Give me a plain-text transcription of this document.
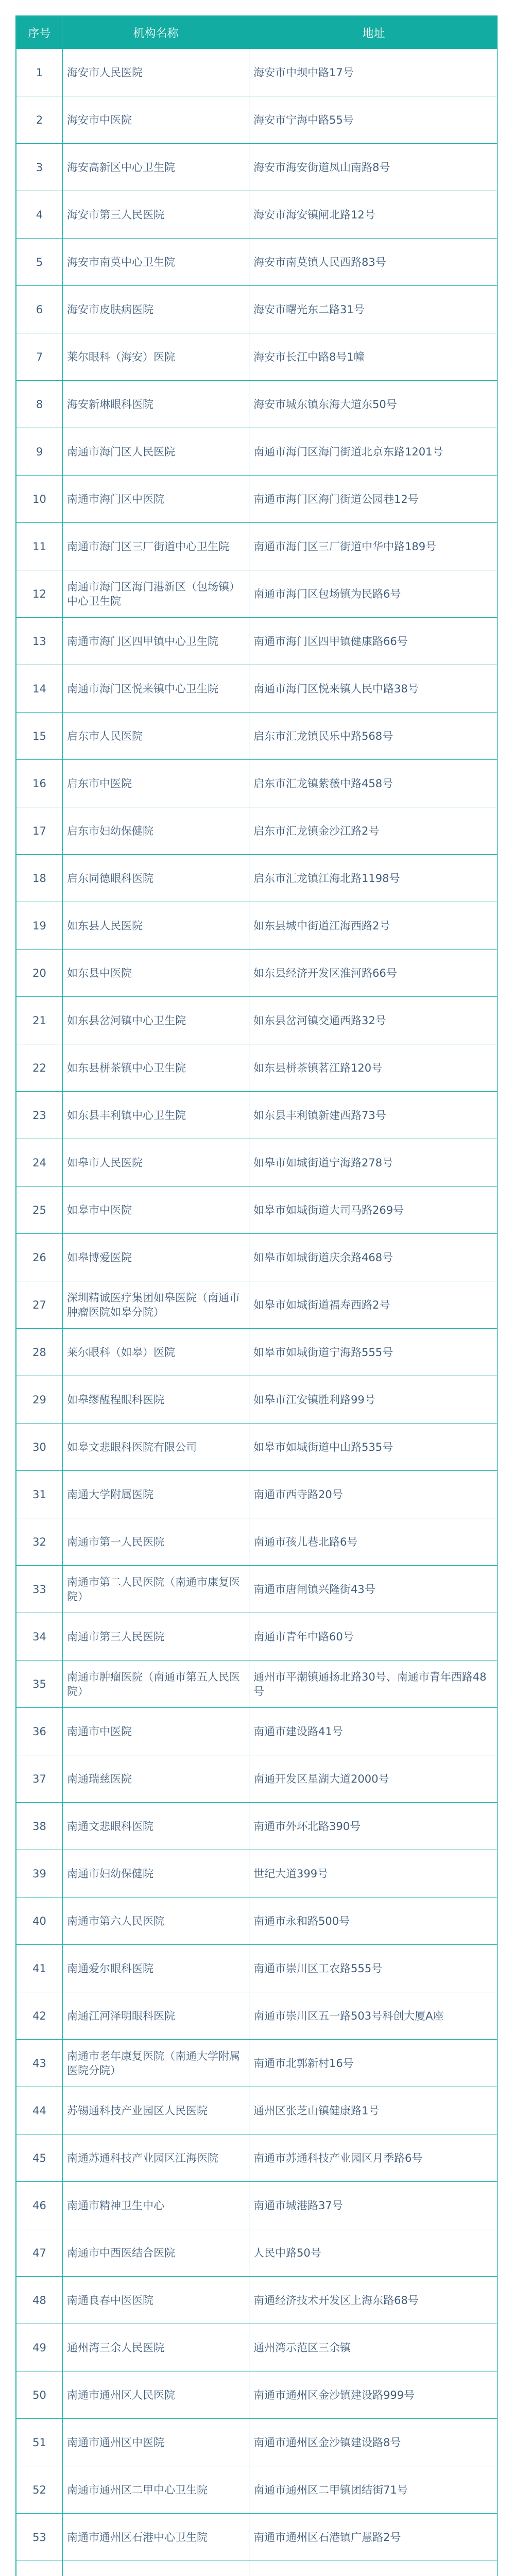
序号	机构名称	地址
1	海安市人民医院	海安市中坝中路17号
2	海安市中医院	海安市宁海中路55号
3	海安高新区中心卫生院	海安市海安街道凤山南路8号
4	海安市第三人民医院	海安市海安镇闸北路12号
5	海安市南莫中心卫生院	海安市南莫镇人民西路83号
6	海安市皮肤病医院	海安市曙光东二路31号
7	莱尔眼科（海安）医院	海安市长江中路8号1幢
8	海安新琳眼科医院	海安市城东镇东海大道东50号
9	南通市海门区人民医院	南通市海门区海门街道北京东路1201号
10	南通市海门区中医院	南通市海门区海门街道公园巷12号
11	南通市海门区三厂街道中心卫生院	南通市海门区三厂街道中华中路189号
12	南通市海门区海门港新区（包场镇）中心卫生院	南通市海门区包场镇为民路6号
13	南通市海门区四甲镇中心卫生院	南通市海门区四甲镇健康路66号
14	南通市海门区悦来镇中心卫生院	南通市海门区悦来镇人民中路38号
15	启东市人民医院	启东市汇龙镇民乐中路568号
16	启东市中医院	启东市汇龙镇紫薇中路458号
17	启东市妇幼保健院	启东市汇龙镇金沙江路2号
18	启东同德眼科医院	启东市汇龙镇江海北路1198号
19	如东县人民医院	如东县城中街道江海西路2号
20	如东县中医院	如东县经济开发区淮河路66号
21	如东县岔河镇中心卫生院	如东县岔河镇交通西路32号
22	如东县栟茶镇中心卫生院	如东县栟茶镇茗江路120号
23	如东县丰利镇中心卫生院	如东县丰利镇新建西路73号
24	如皋市人民医院	如皋市如城街道宁海路278号
25	如皋市中医院	如皋市如城街道大司马路269号
26	如皋博爱医院	如皋市如城街道庆余路468号
27	深圳精诚医疗集团如皋医院（南通市肿瘤医院如皋分院）	如皋市如城街道福寿西路2号
28	莱尔眼科（如皋）医院	如皋市如城街道宁海路555号
29	如皋缪醒程眼科医院	如皋市江安镇胜利路99号
30	如皋文悲眼科医院有限公司	如皋市如城街道中山路535号
31	南通大学附属医院	南通市西寺路20号
32	南通市第一人民医院	南通市孩儿巷北路6号
33	南通市第二人民医院（南通市康复医院）	南通市唐闸镇兴隆街43号
34	南通市第三人民医院	南通市青年中路60号
35	南通市肿瘤医院（南通市第五人民医院）	通州市平潮镇通扬北路30号、南通市青年西路48号
36	南通市中医院	南通市建设路41号
37	南通瑞慈医院	南通开发区星湖大道2000号
38	南通文悲眼科医院	南通市外环北路390号
39	南通市妇幼保健院	世纪大道399号
40	南通市第六人民医院	南通市永和路500号
41	南通爱尔眼科医院	南通市崇川区工农路555号
42	南通江河泽明眼科医院	南通市崇川区五一路503号科创大厦A座
43	南通市老年康复医院（南通大学附属医院分院）	南通市北郭新村16号
44	苏锡通科技产业园区人民医院	通州区张芝山镇健康路1号
45	南通苏通科技产业园区江海医院	南通市苏通科技产业园区月季路6号
46	南通市精神卫生中心	南通市城港路37号
47	南通市中西医结合医院	人民中路50号
48	南通良春中医医院	南通经济技术开发区上海东路68号
49	通州湾三余人民医院	通州湾示范区三余镇
50	南通市通州区人民医院	南通市通州区金沙镇建设路999号
51	南通市通州区中医院	南通市通州区金沙镇建设路8号
52	南通市通州区二甲中心卫生院	南通市通州区二甲镇团结街71号
53	南通市通州区石港中心卫生院	南通市通州区石港镇广慧路2号
